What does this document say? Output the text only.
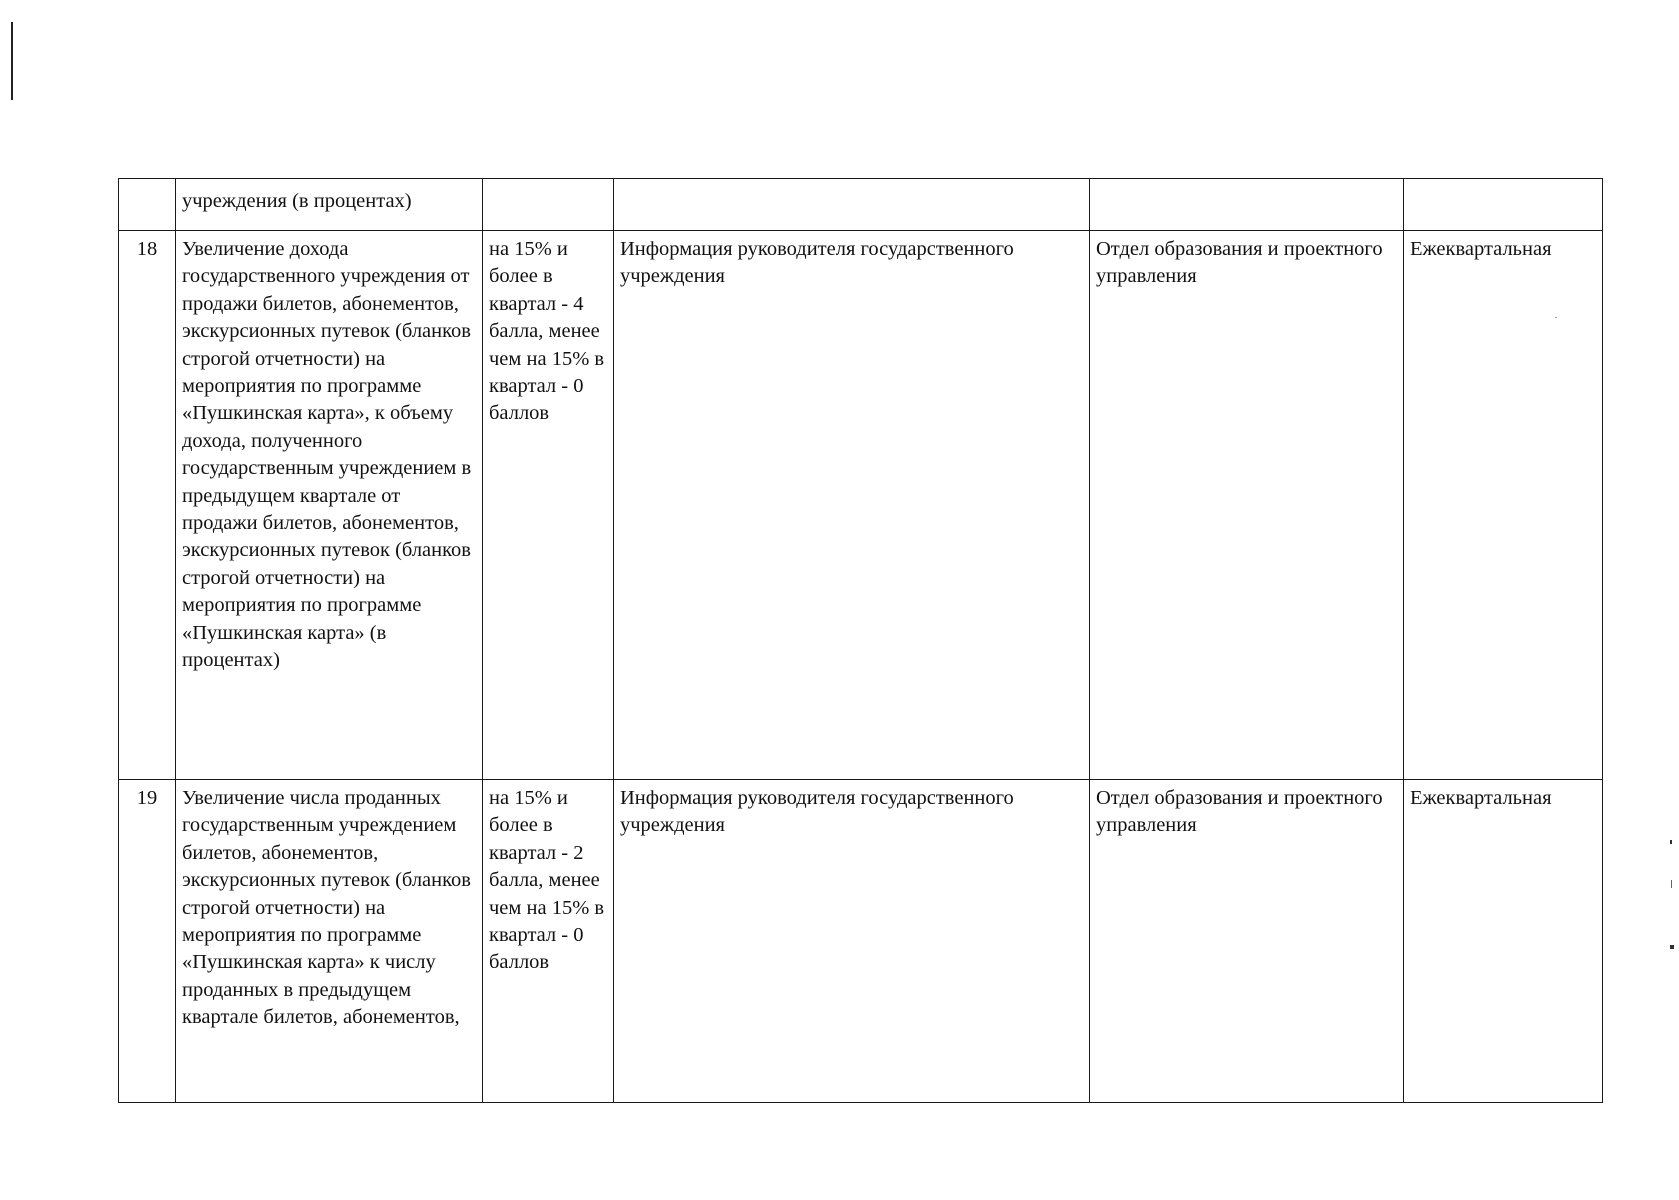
	учреждения (в процентах)				
18	Увеличение дохода государственного учреждения от продажи билетов, абонементов, экскурсионных путевок (бланков строгой отчетности) на мероприятия по программе «Пушкинская карта», к объему дохода, полученного государственным учреждением в предыдущем квартале от продажи билетов, абонементов, экскурсионных путевок (бланков строгой отчетности) на мероприятия по программе «Пушкинская карта» (в процентах)	на 15% и более в квартал - 4 балла, менее чем на 15% в квартал - 0 баллов	Информация руководителя государственного учреждения	Отдел образования и проектного управления	Ежеквартальная
19	Увеличение числа проданных государственным учреждением билетов, абонементов, экскурсионных путевок (бланков строгой отчетности) на мероприятия по программе «Пушкинская карта» к числу проданных в предыдущем квартале билетов, абонементов,	на 15% и более в квартал - 2 балла, менее чем на 15% в квартал - 0 баллов	Информация руководителя государственного учреждения	Отдел образования и проектного управления	Ежеквартальная
